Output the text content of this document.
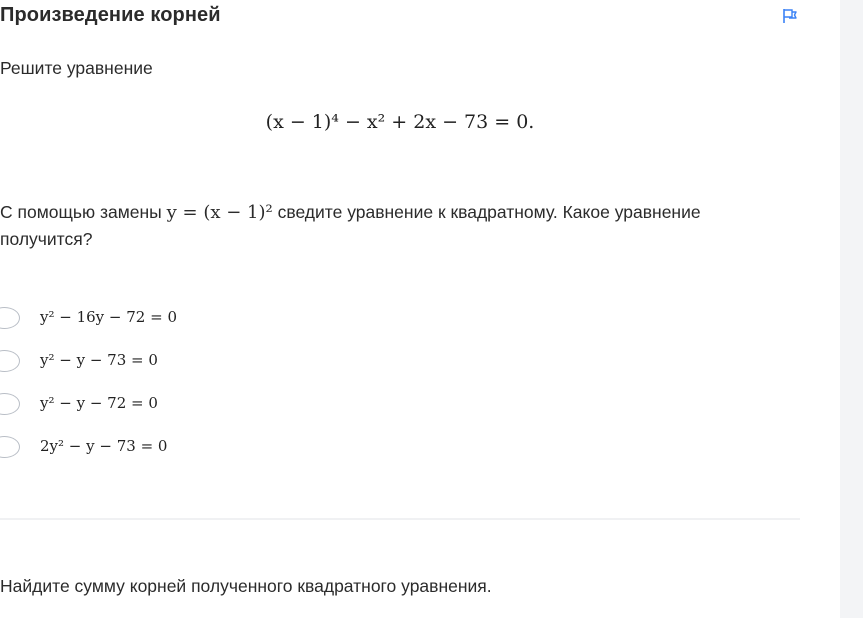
Произведение корней
Решите уравнение
(x − 1)⁴ − x² + 2x − 73 = 0.
С помощью замены y = (x − 1)² сведите уравнение к квадратному. Какое уравнение получится?
y² − 16y − 72 = 0
y² − y − 73 = 0
y² − y − 72 = 0
2y² − y − 73 = 0
Найдите сумму корней полученного квадратного уравнения.
